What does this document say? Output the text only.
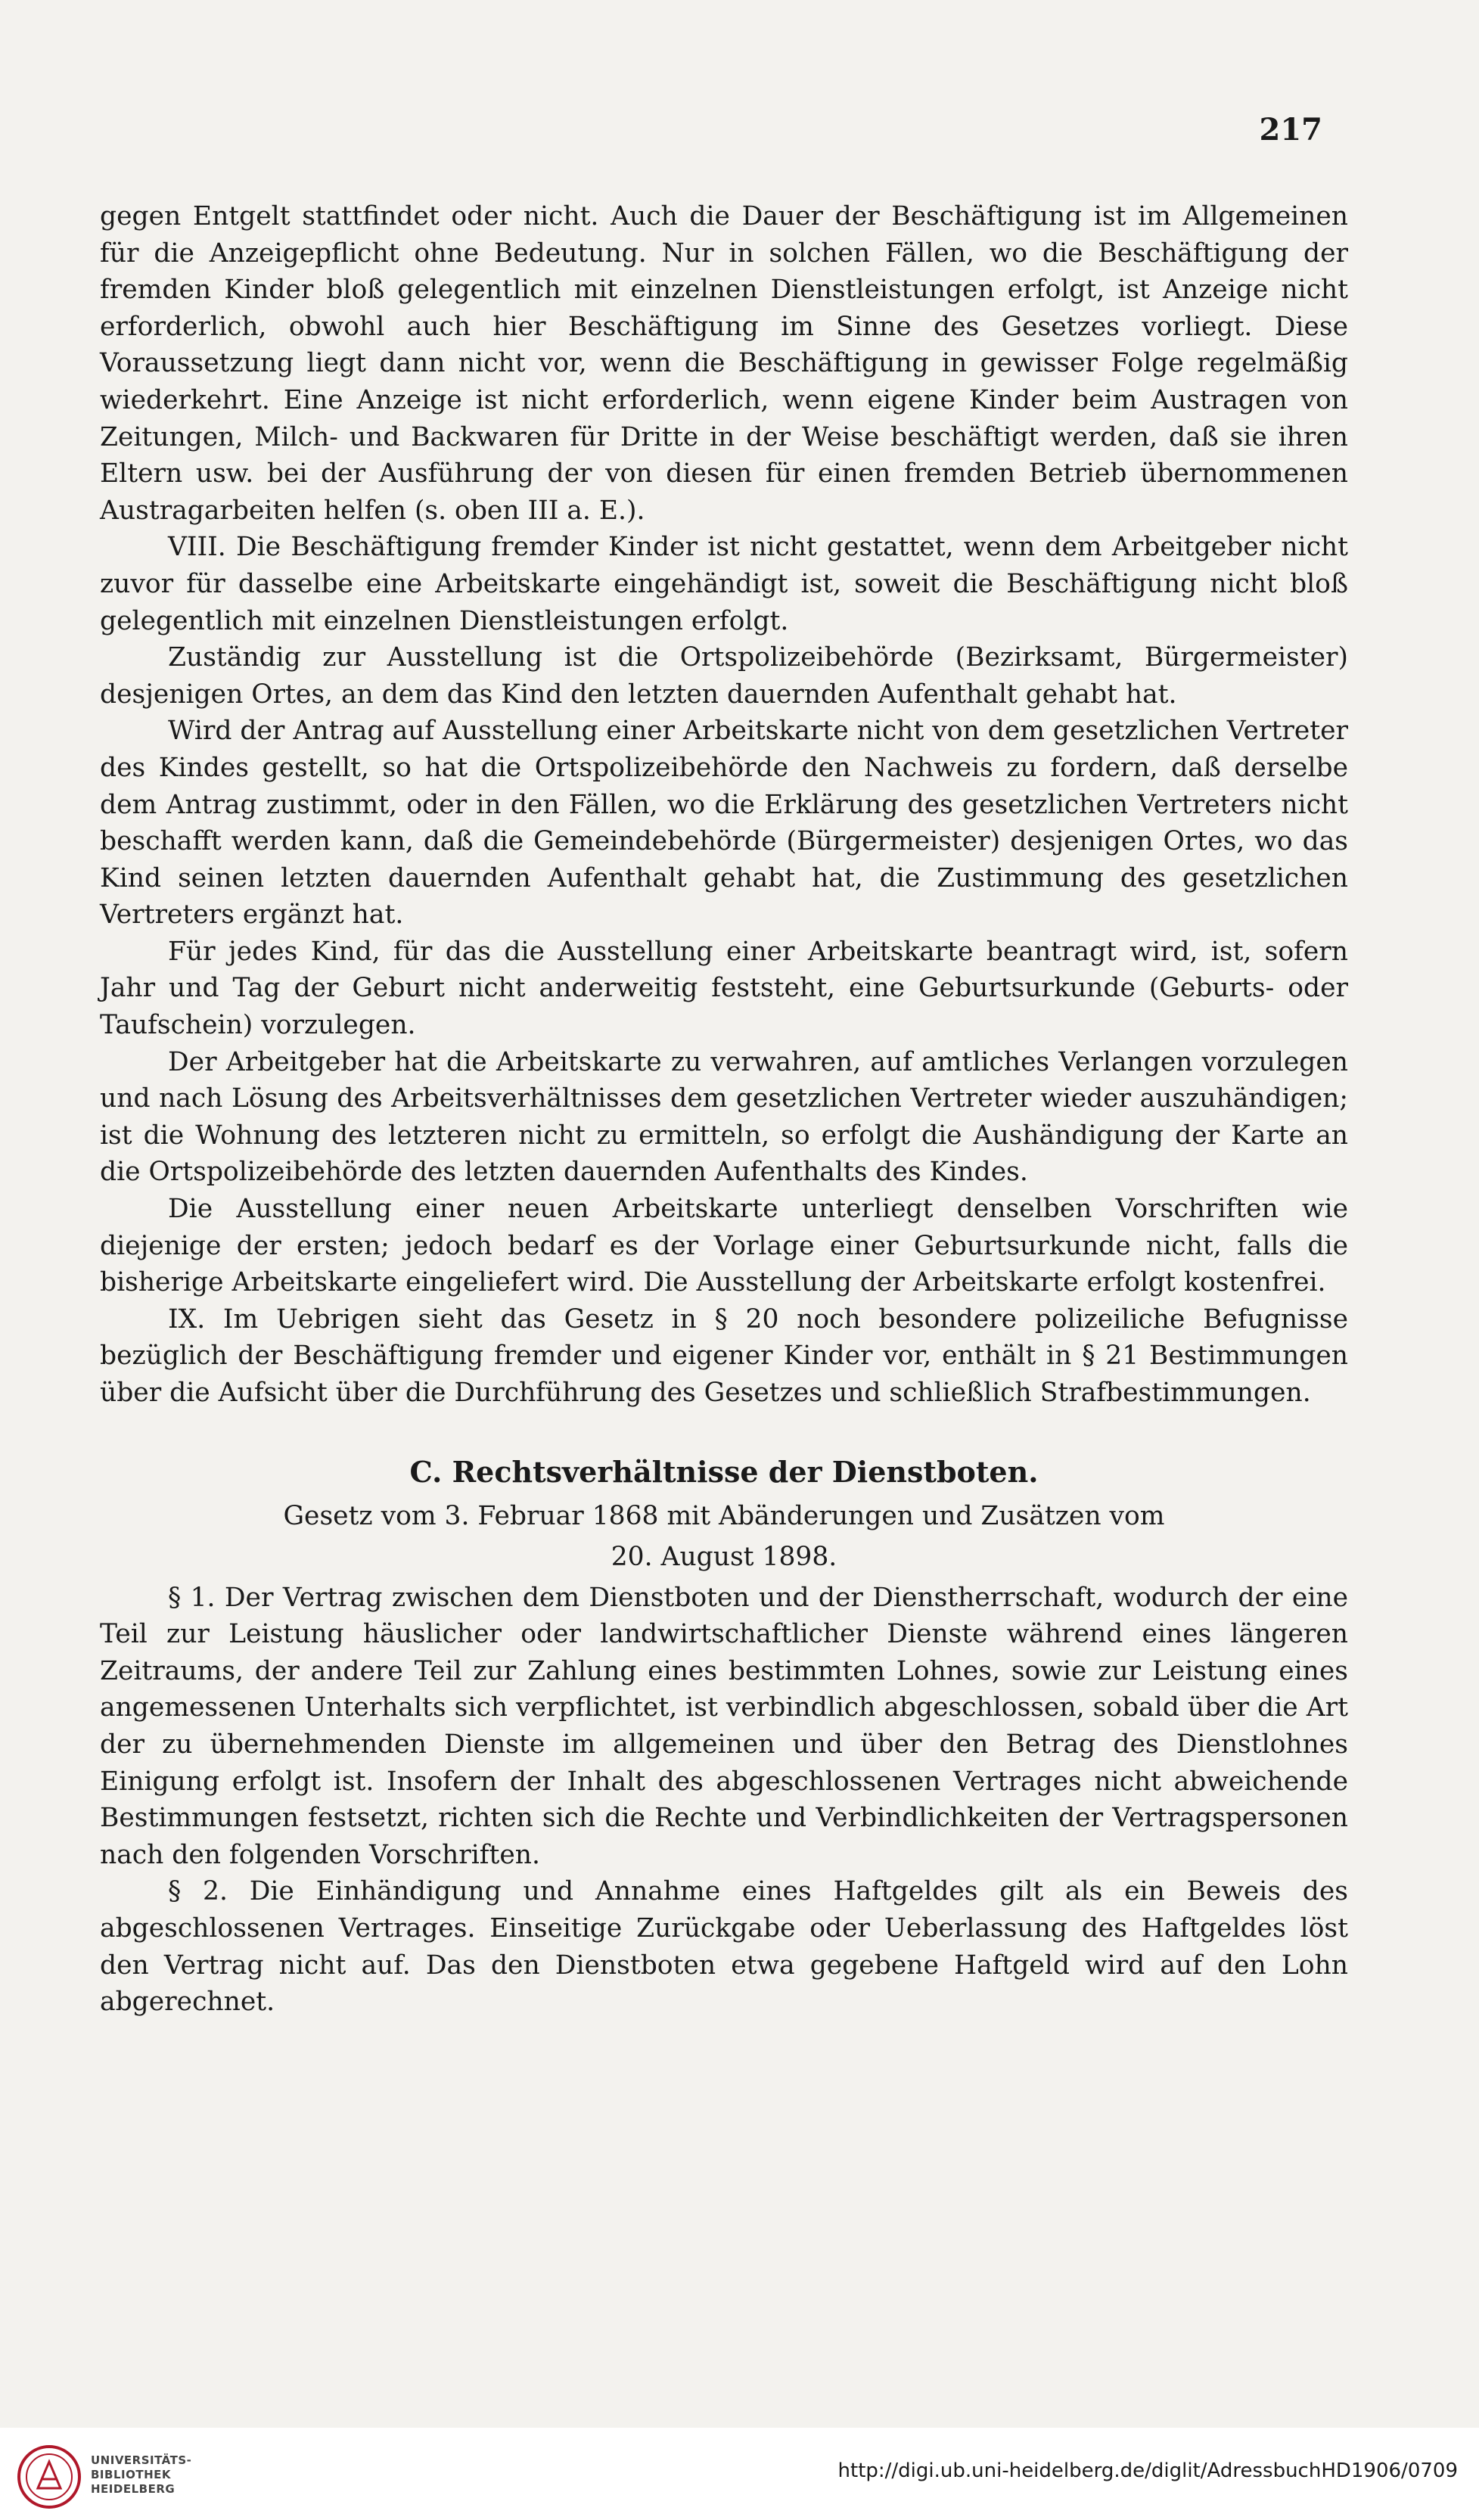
217

gegen Entgelt stattfindet oder nicht. Auch die Dauer der Beschäftigung ist im Allgemeinen für die Anzeigepflicht ohne Bedeutung. Nur in solchen Fällen, wo die Beschäftigung der fremden Kinder bloß gelegentlich mit einzelnen Dienstleistungen erfolgt, ist Anzeige nicht erforderlich, obwohl auch hier Beschäftigung im Sinne des Gesetzes vorliegt. Diese Voraussetzung liegt dann nicht vor, wenn die Beschäftigung in gewisser Folge regelmäßig wiederkehrt. Eine Anzeige ist nicht erforderlich, wenn eigene Kinder beim Austragen von Zeitungen, Milch- und Backwaren für Dritte in der Weise beschäftigt werden, daß sie ihren Eltern usw. bei der Ausführung der von diesen für einen fremden Betrieb übernommenen Austragarbeiten helfen (s. oben III a. E.).

VIII. Die Beschäftigung fremder Kinder ist nicht gestattet, wenn dem Arbeitgeber nicht zuvor für dasselbe eine Arbeitskarte eingehändigt ist, soweit die Beschäftigung nicht bloß gelegentlich mit einzelnen Dienstleistungen erfolgt.

Zuständig zur Ausstellung ist die Ortspolizeibehörde (Bezirksamt, Bürgermeister) desjenigen Ortes, an dem das Kind den letzten dauernden Aufenthalt gehabt hat.

Wird der Antrag auf Ausstellung einer Arbeitskarte nicht von dem gesetzlichen Vertreter des Kindes gestellt, so hat die Ortspolizeibehörde den Nachweis zu fordern, daß derselbe dem Antrag zustimmt, oder in den Fällen, wo die Erklärung des gesetzlichen Vertreters nicht beschafft werden kann, daß die Gemeindebehörde (Bürgermeister) desjenigen Ortes, wo das Kind seinen letzten dauernden Aufenthalt gehabt hat, die Zustimmung des gesetzlichen Vertreters ergänzt hat.

Für jedes Kind, für das die Ausstellung einer Arbeitskarte beantragt wird, ist, sofern Jahr und Tag der Geburt nicht anderweitig feststeht, eine Geburtsurkunde (Geburts- oder Taufschein) vorzulegen.

Der Arbeitgeber hat die Arbeitskarte zu verwahren, auf amtliches Verlangen vorzulegen und nach Lösung des Arbeitsverhältnisses dem gesetzlichen Vertreter wieder auszuhändigen; ist die Wohnung des letzteren nicht zu ermitteln, so erfolgt die Aushändigung der Karte an die Ortspolizeibehörde des letzten dauernden Aufenthalts des Kindes.

Die Ausstellung einer neuen Arbeitskarte unterliegt denselben Vorschriften wie diejenige der ersten; jedoch bedarf es der Vorlage einer Geburtsurkunde nicht, falls die bisherige Arbeitskarte eingeliefert wird. Die Ausstellung der Arbeitskarte erfolgt kostenfrei.

IX. Im Uebrigen sieht das Gesetz in § 20 noch besondere polizeiliche Befugnisse bezüglich der Beschäftigung fremder und eigener Kinder vor, enthält in § 21 Bestimmungen über die Aufsicht über die Durchführung des Gesetzes und schließlich Strafbestimmungen.

C. Rechtsverhältnisse der Dienstboten.
Gesetz vom 3. Februar 1868 mit Abänderungen und Zusätzen vom
20. August 1898.

§ 1. Der Vertrag zwischen dem Dienstboten und der Dienstherrschaft, wodurch der eine Teil zur Leistung häuslicher oder landwirtschaftlicher Dienste während eines längeren Zeitraums, der andere Teil zur Zahlung eines bestimmten Lohnes, sowie zur Leistung eines angemessenen Unterhalts sich verpflichtet, ist verbindlich abgeschlossen, sobald über die Art der zu übernehmenden Dienste im allgemeinen und über den Betrag des Dienstlohnes Einigung erfolgt ist. Insofern der Inhalt des abgeschlossenen Vertrages nicht abweichende Bestimmungen festsetzt, richten sich die Rechte und Verbindlichkeiten der Vertragspersonen nach den folgenden Vorschriften.

§ 2. Die Einhändigung und Annahme eines Haftgeldes gilt als ein Beweis des abgeschlossenen Vertrages. Einseitige Zurückgabe oder Ueberlassung des Haftgeldes löst den Vertrag nicht auf. Das den Dienstboten etwa gegebene Haftgeld wird auf den Lohn abgerechnet.

UNIVERSITÄTS-
BIBLIOTHEK
HEIDELBERG
http://digi.ub.uni-heidelberg.de/diglit/AdressbuchHD1906/0709
